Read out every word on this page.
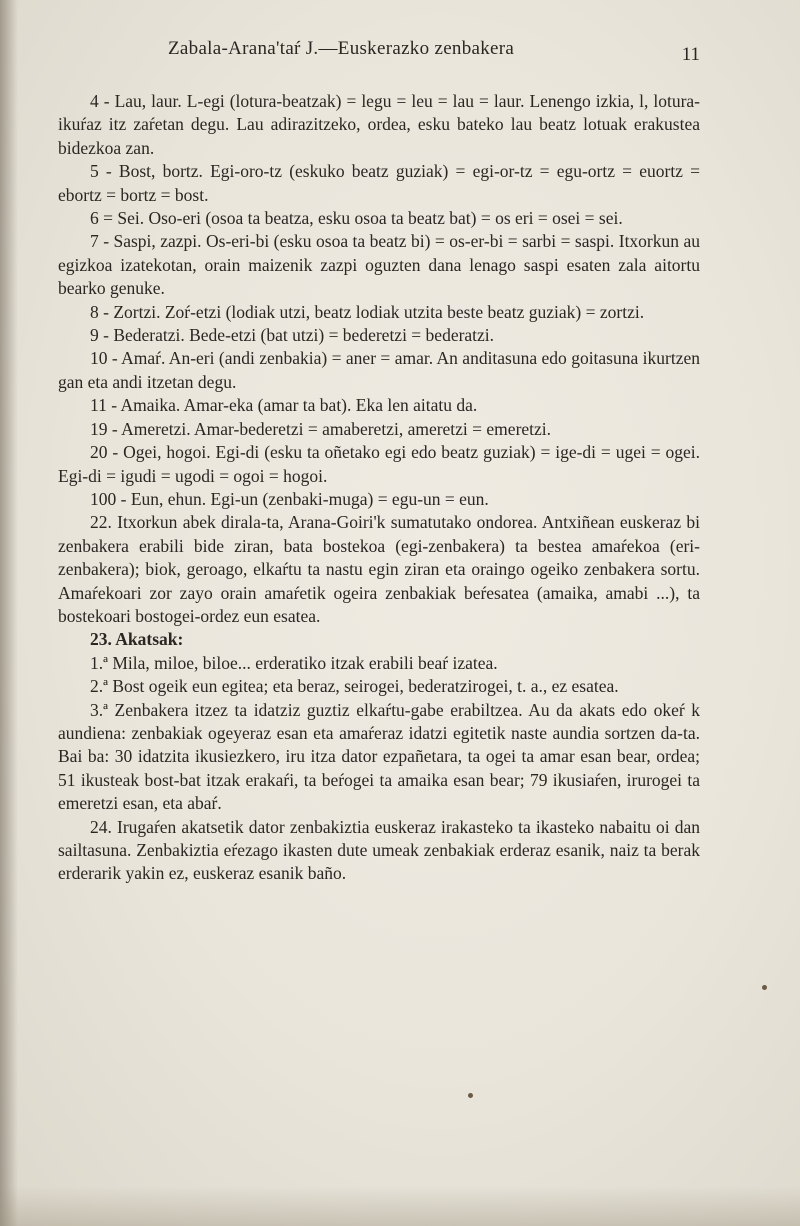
Zabala-Arana'taŕ J.—Euskerazko zenbakera	11

4 - Lau, laur. L-egi (lotura-beatzak) = legu = leu = lau = laur. Lenengo izkia, l, lotura-ikuŕaz itz zaŕetan degu. Lau adirazitzeko, ordea, esku bateko lau beatz lotuak erakustea bidezkoa zan.

5 - Bost, bortz. Egi-oro-tz (eskuko beatz guziak) = egi-or-tz = egu-ortz = euortz = ebortz = bortz = bost.

6 = Sei. Oso-eri (osoa ta beatza, esku osoa ta beatz bat) = os eri = osei = sei.

7 - Saspi, zazpi. Os-eri-bi (esku osoa ta beatz bi) = os-er-bi = sarbi = saspi. Itxorkun au egizkoa izatekotan, orain maizenik zazpi oguzten dana lenago saspi esaten zala aitortu bearko genuke.

8 - Zortzi. Zoŕ-etzi (lodiak utzi, beatz lodiak utzita beste beatz guziak) = zortzi.

9 - Bederatzi. Bede-etzi (bat utzi) = bederetzi = bederatzi.

10 - Amaŕ. An-eri (andi zenbakia) = aner = amar. An anditasuna edo goitasuna ikurtzen gan eta andi itzetan degu.

11 - Amaika. Amar-eka (amar ta bat). Eka len aitatu da.

19 - Ameretzi. Amar-bederetzi = amaberetzi, ameretzi = emeretzi.

20 - Ogei, hogoi. Egi-di (esku ta oñetako egi edo beatz guziak) = ige-di = ugei = ogei. Egi-di = igudi = ugodi = ogoi = hogoi.

100 - Eun, ehun. Egi-un (zenbaki-muga) = egu-un = eun.

22. Itxorkun abek dirala-ta, Arana-Goiri'k sumatutako ondorea. Antxiñean euskeraz bi zenbakera erabili bide ziran, bata bostekoa (egi-zenbakera) ta bestea amaŕekoa (eri-zenbakera); biok, geroago, elkaŕtu ta nastu egin ziran eta oraingo ogeiko zenbakera sortu. Amaŕekoari zor zayo orain amaŕetik ogeira zenbakiak beŕesatea (amaika, amabi ...), ta bostekoari bostogei-ordez eun esatea.

23. Akatsak:

1.ª Mila, miloe, biloe... erderatiko itzak erabili beaŕ izatea.

2.ª Bost ogeik eun egitea; eta beraz, seirogei, bederatzirogei, t. a., ez esatea.

3.ª Zenbakera itzez ta idatziz guztiz elkaŕtu-gabe erabiltzea. Au da akats edo okeŕ k aundiena: zenbakiak ogeyeraz esan eta amaŕeraz idatzi egitetik naste aundia sortzen da-ta. Bai ba: 30 idatzita ikusiezkero, iru itza dator ezpañetara, ta ogei ta amar esan bear, ordea; 51 ikusteak bost-bat itzak erakaŕi, ta beŕogei ta amaika esan bear; 79 ikusiaŕen, irurogei ta emeretzi esan, eta abaŕ.

24. Irugaŕen akatsetik dator zenbakiztia euskeraz irakasteko ta ikasteko nabaitu oi dan sailtasuna. Zenbakiztia eŕezago ikasten dute umeak zenbakiak erderaz esanik, naiz ta berak erderarik yakin ez, euskeraz esanik baño.
